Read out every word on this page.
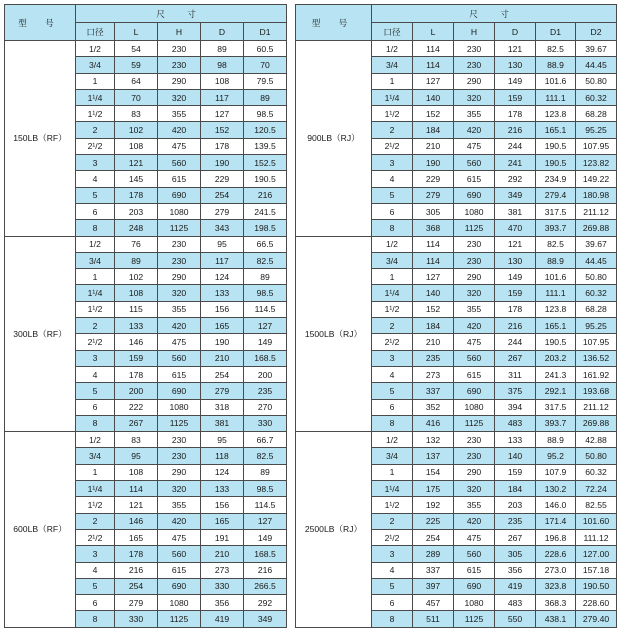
型 号	尺 寸				
	口径	L	H	D	D1
150LB（RF）	1/2	54	230	89	60.5
	3/4	59	230	98	70
	1	64	290	108	79.5
	1¹/4	70	320	117	89
	1¹/2	83	355	127	98.5
	2	102	420	152	120.5
	2¹/2	108	475	178	139.5
	3	121	560	190	152.5
	4	145	615	229	190.5
	5	178	690	254	216
	6	203	1080	279	241.5
	8	248	1125	343	198.5
300LB（RF）	1/2	76	230	95	66.5
	3/4	89	230	117	82.5
	1	102	290	124	89
	1¹/4	108	320	133	98.5
	1¹/2	115	355	156	114.5
	2	133	420	165	127
	2¹/2	146	475	190	149
	3	159	560	210	168.5
	4	178	615	254	200
	5	200	690	279	235
	6	222	1080	318	270
	8	267	1125	381	330
600LB（RF）	1/2	83	230	95	66.7
	3/4	95	230	118	82.5
	1	108	290	124	89
	1¹/4	114	320	133	98.5
	1¹/2	121	355	156	114.5
	2	146	420	165	127
	2¹/2	165	475	191	149
	3	178	560	210	168.5
	4	216	615	273	216
	5	254	690	330	266.5
	6	279	1080	356	292
	8	330	1125	419	349
型 号	尺 寸					
	口径	L	H	D	D1	D2
900LB（RJ）	1/2	114	230	121	82.5	39.67
	3/4	114	230	130	88.9	44.45
	1	127	290	149	101.6	50.80
	1¹/4	140	320	159	111.1	60.32
	1¹/2	152	355	178	123.8	68.28
	2	184	420	216	165.1	95.25
	2¹/2	210	475	244	190.5	107.95
	3	190	560	241	190.5	123.82
	4	229	615	292	234.9	149.22
	5	279	690	349	279.4	180.98
	6	305	1080	381	317.5	211.12
	8	368	1125	470	393.7	269.88
1500LB（RJ）	1/2	114	230	121	82.5	39.67
	3/4	114	230	130	88.9	44.45
	1	127	290	149	101.6	50.80
	1¹/4	140	320	159	111.1	60.32
	1¹/2	152	355	178	123.8	68.28
	2	184	420	216	165.1	95.25
	2¹/2	210	475	244	190.5	107.95
	3	235	560	267	203.2	136.52
	4	273	615	311	241.3	161.92
	5	337	690	375	292.1	193.68
	6	352	1080	394	317.5	211.12
	8	416	1125	483	393.7	269.88
2500LB（RJ）	1/2	132	230	133	88.9	42.88
	3/4	137	230	140	95.2	50.80
	1	154	290	159	107.9	60.32
	1¹/4	175	320	184	130.2	72.24
	1¹/2	192	355	203	146.0	82.55
	2	225	420	235	171.4	101.60
	2¹/2	254	475	267	196.8	111.12
	3	289	560	305	228.6	127.00
	4	337	615	356	273.0	157.18
	5	397	690	419	323.8	190.50
	6	457	1080	483	368.3	228.60
	8	511	1125	550	438.1	279.40
